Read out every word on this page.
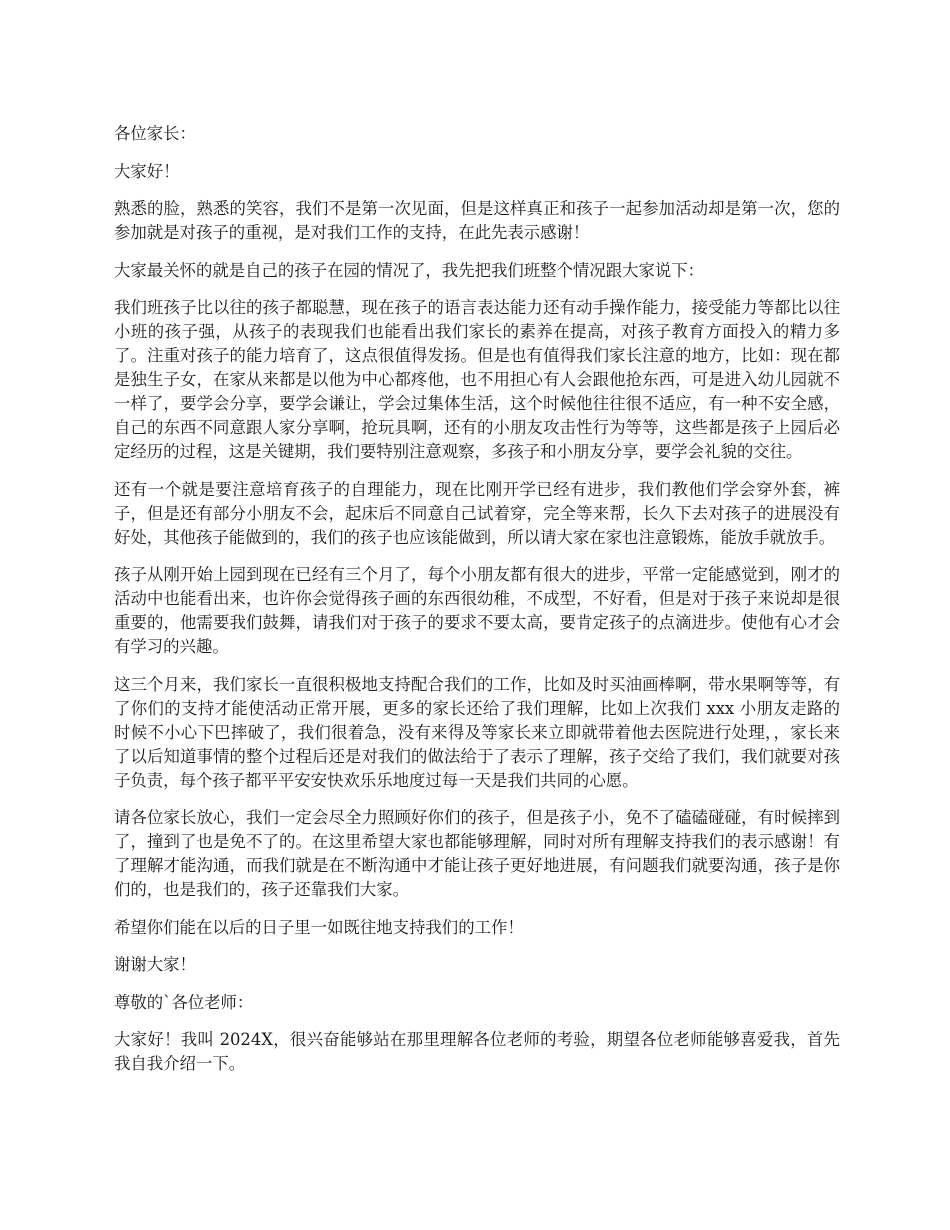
各位家长：

大家好！

熟悉的脸，熟悉的笑容，我们不是第一次见面，但是这样真正和孩子一起参加活动却是第一次，您的参加就是对孩子的重视，是对我们工作的支持，在此先表示感谢！

大家最关怀的就是自己的孩子在园的情况了，我先把我们班整个情况跟大家说下：

我们班孩子比以往的孩子都聪慧，现在孩子的语言表达能力还有动手操作能力，接受能力等都比以往小班的孩子强，从孩子的表现我们也能看出我们家长的素养在提高，对孩子教育方面投入的精力多了。注重对孩子的能力培育了，这点很值得发扬。但是也有值得我们家长注意的地方，比如：现在都是独生子女，在家从来都是以他为中心都疼他，也不用担心有人会跟他抢东西，可是进入幼儿园就不一样了，要学会分享，要学会谦让，学会过集体生活，这个时候他往往很不适应，有一种不安全感，自己的东西不同意跟人家分享啊，抢玩具啊，还有的小朋友攻击性行为等等，这些都是孩子上园后必定经历的过程，这是关键期，我们要特别注意观察，多孩子和小朋友分享，要学会礼貌的交往。

还有一个就是要注意培育孩子的自理能力，现在比刚开学已经有进步，我们教他们学会穿外套，裤子，但是还有部分小朋友不会，起床后不同意自己试着穿，完全等来帮，长久下去对孩子的进展没有好处，其他孩子能做到的，我们的孩子也应该能做到，所以请大家在家也注意锻炼，能放手就放手。

孩子从刚开始上园到现在已经有三个月了，每个小朋友都有很大的进步，平常一定能感觉到，刚才的活动中也能看出来，也许你会觉得孩子画的东西很幼稚，不成型，不好看，但是对于孩子来说却是很重要的，他需要我们鼓舞，请我们对于孩子的要求不要太高，要肯定孩子的点滴进步。使他有心才会有学习的兴趣。

这三个月来，我们家长一直很积极地支持配合我们的工作，比如及时买油画棒啊，带水果啊等等，有了你们的支持才能使活动正常开展，更多的家长还给了我们理解，比如上次我们 xxx 小朋友走路的时候不小心下巴摔破了，我们很着急，没有来得及等家长来立即就带着他去医院进行处理，，家长来了以后知道事情的整个过程后还是对我们的做法给于了表示了理解，孩子交给了我们，我们就要对孩子负责，每个孩子都平平安安快欢乐乐地度过每一天是我们共同的心愿。

请各位家长放心，我们一定会尽全力照顾好你们的孩子，但是孩子小，免不了磕磕碰碰，有时候摔到了，撞到了也是免不了的。在这里希望大家也都能够理解，同时对所有理解支持我们的表示感谢！有了理解才能沟通，而我们就是在不断沟通中才能让孩子更好地进展，有问题我们就要沟通，孩子是你们的，也是我们的，孩子还靠我们大家。

希望你们能在以后的日子里一如既往地支持我们的工作！

谢谢大家！

尊敬的`各位老师：

大家好！我叫 2024X，很兴奋能够站在那里理解各位老师的考验，期望各位老师能够喜爱我，首先我自我介绍一下。
